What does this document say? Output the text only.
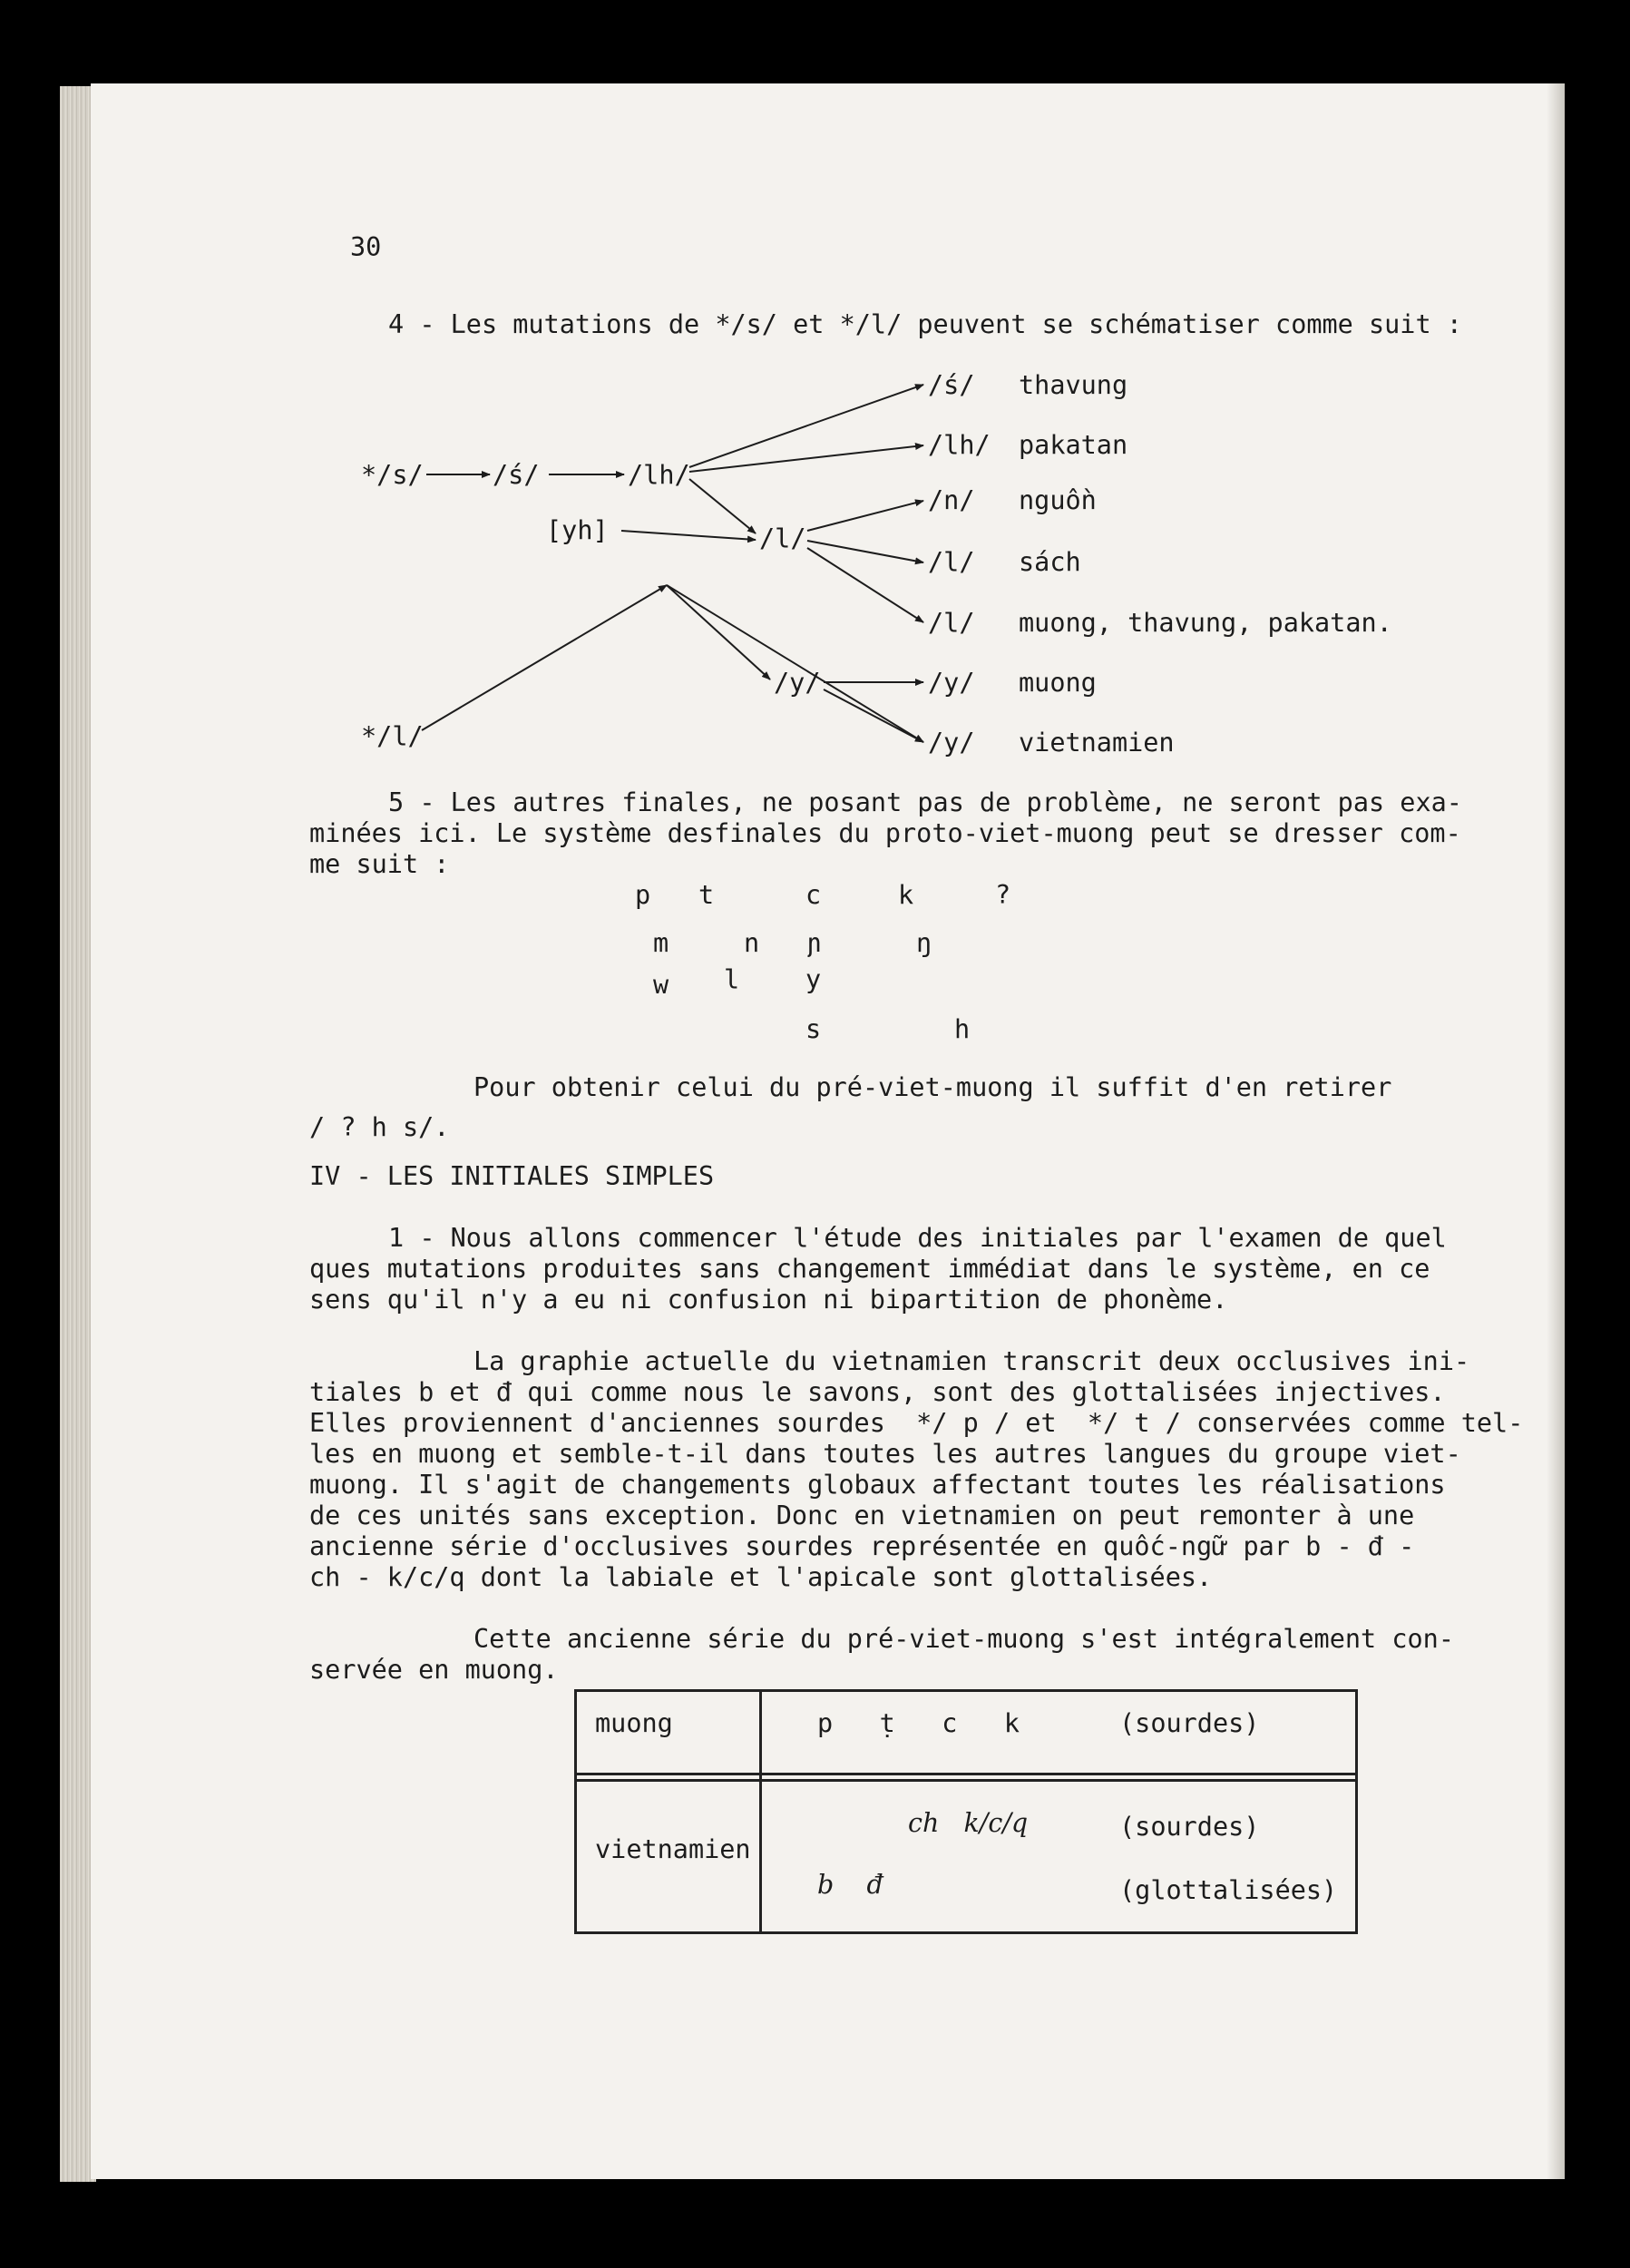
30
4 - Les mutations de */s/ et */l/ peuvent se schématiser comme suit :
*/s/	/ś/	/lh/
[yh]	/l/
/y/
*/l/
/ś/ thavung
/lh/ pakatan
/n/ nguồn
/l/ sách
/l/ muong, thavung, pakatan.
/y/ muong
/y/ vietnamien
5 - Les autres finales, ne posant pas de problème, ne seront pas exa-
minées ici. Le système desfinales du proto-viet-muong peut se dresser com-
me suit :
p t	c	k	?
m	n ɲ	ŋ
w l	y
s	h
Pour obtenir celui du pré-viet-muong il suffit d'en retirer
/ ? h s/.
IV - LES INITIALES SIMPLES
1 - Nous allons commencer l'étude des initiales par l'examen de quel
ques mutations produites sans changement immédiat dans le système, en ce
sens qu'il n'y a eu ni confusion ni bipartition de phonème.
La graphie actuelle du vietnamien transcrit deux occlusives ini-
tiales b et đ qui comme nous le savons, sont des glottalisées injectives.
Elles proviennent d'anciennes sourdes  */ p / et  */ t / conservées comme tel-
les en muong et semble-t-il dans toutes les autres langues du groupe viet-
muong. Il s'agit de changements globaux affectant toutes les réalisations
de ces unités sans exception. Donc en vietnamien on peut remonter à une
ancienne série d'occlusives sourdes représentée en quốc-ngữ par b - đ -
ch - k/c/q dont la labiale et l'apicale sont glottalisées.
Cette ancienne série du pré-viet-muong s'est intégralement con-
servée en muong.
muong	p   ṭ   c   k	(sourdes)
vietnamien
ch   k/c/q	(sourdes)
b    đ	(glottalisées)
